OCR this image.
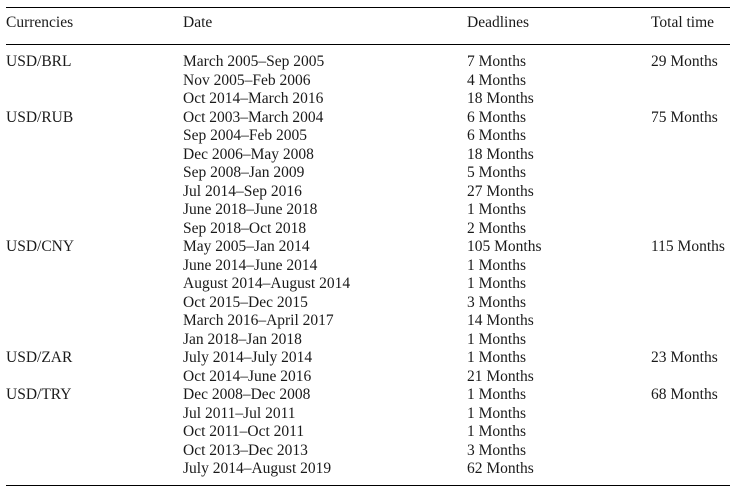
Currencies	Date	Deadlines	Total time
USD/BRL	March 2005–Sep 2005	7 Months	29 Months
	Nov 2005–Feb 2006	4 Months	
	Oct 2014–March 2016	18 Months	
USD/RUB	Oct 2003–March 2004	6 Months	75 Months
	Sep 2004–Feb 2005	6 Months	
	Dec 2006–May 2008	18 Months	
	Sep 2008–Jan 2009	5 Months	
	Jul 2014–Sep 2016	27 Months	
	June 2018–June 2018	1 Months	
	Sep 2018–Oct 2018	2 Months	
USD/CNY	May 2005–Jan 2014	105 Months	115 Months
	June 2014–June 2014	1 Months	
	August 2014–August 2014	1 Months	
	Oct 2015–Dec 2015	3 Months	
	March 2016–April 2017	14 Months	
	Jan 2018–Jan 2018	1 Months	
USD/ZAR	July 2014–July 2014	1 Months	23 Months
	Oct 2014–June 2016	21 Months	
USD/TRY	Dec 2008–Dec 2008	1 Months	68 Months
	Jul 2011–Jul 2011	1 Months	
	Oct 2011–Oct 2011	1 Months	
	Oct 2013–Dec 2013	3 Months	
	July 2014–August 2019	62 Months	
